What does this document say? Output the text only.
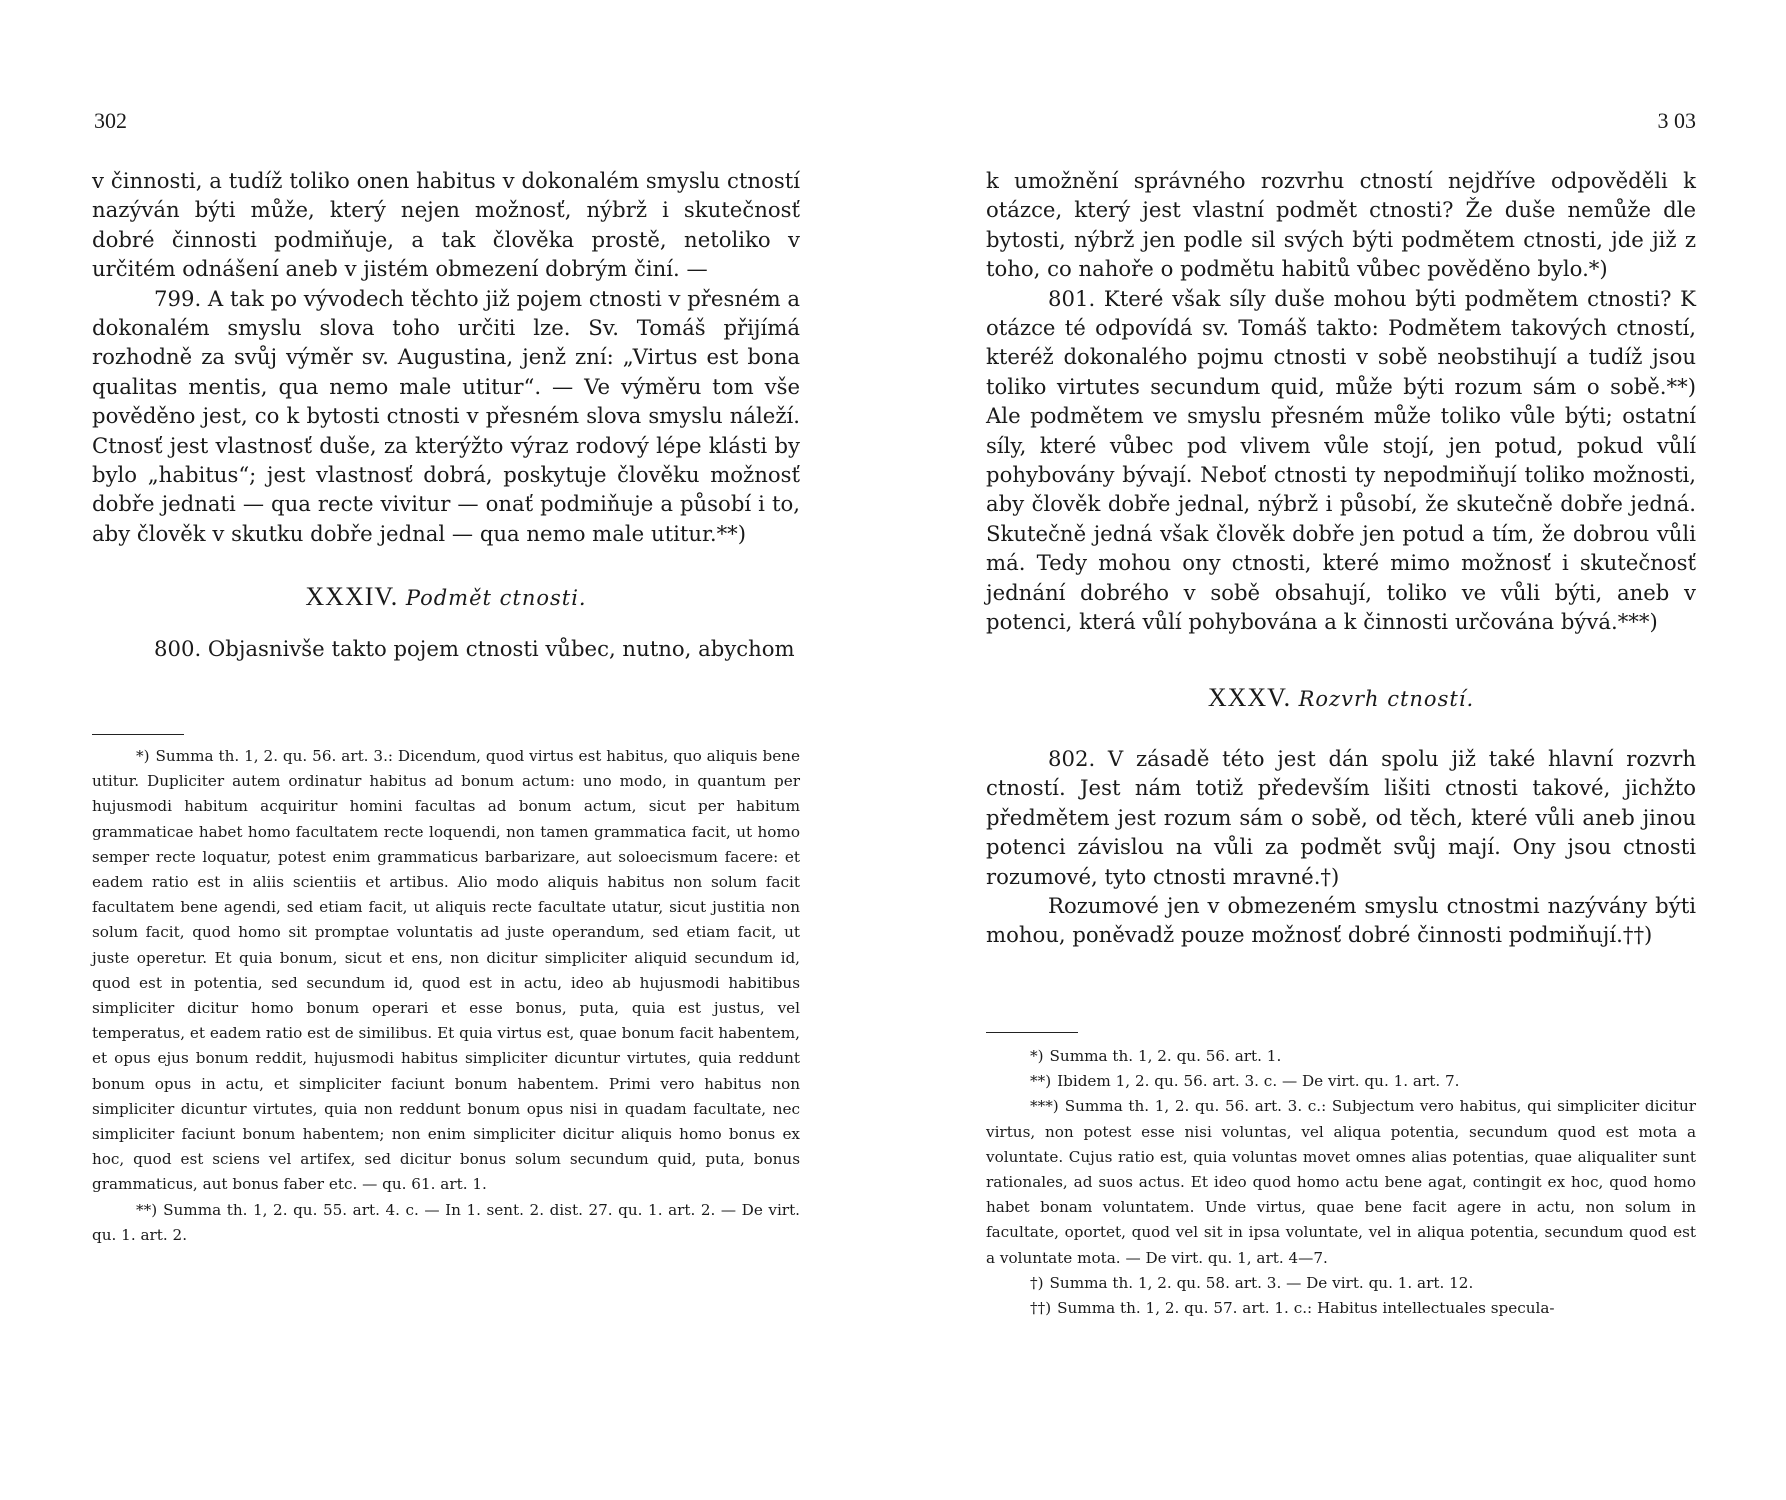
302

v činnosti, a tudíž toliko onen habitus v dokonalém smyslu ctností nazýván býti může, který nejen možnosť, nýbrž i skutečnosť dobré činnosti podmiňuje, a tak člověka prostě, netoliko v určitém odnášení aneb v jistém obmezení dobrým činí. —

799. A tak po vývodech těchto již pojem ctnosti v přesném a dokonalém smyslu slova toho určiti lze. Sv. Tomáš přijímá rozhodně za svůj výměr sv. Augustina, jenž zní: „Virtus est bona qualitas mentis, qua nemo male utitur“. — Ve výměru tom vše pověděno jest, co k bytosti ctnosti v přesném slova smyslu náleží. Ctnosť jest vlastnosť duše, za kterýžto výraz rodový lépe klásti by bylo „habitus“; jest vlastnosť dobrá, poskytuje člověku možnosť dobře jednati — qua recte vivitur — onať podmiňuje a působí i to, aby člověk v skutku dobře jednal — qua nemo male utitur.**)

XXXIV. Podmět ctnosti.

800. Objasnivše takto pojem ctnosti vůbec, nutno, abychom

*) Summa th. 1, 2. qu. 56. art. 3.: Dicendum, quod virtus est habitus, quo aliquis bene utitur. Dupliciter autem ordinatur habitus ad bonum actum: uno modo, in quantum per hujusmodi habitum acquiritur homini facultas ad bonum actum, sicut per habitum grammaticae habet homo facultatem recte loquendi, non tamen grammatica facit, ut homo semper recte loquatur, potest enim grammaticus barbarizare, aut soloecismum facere: et eadem ratio est in aliis scientiis et artibus. Alio modo aliquis habitus non solum facit facultatem bene agendi, sed etiam facit, ut aliquis recte facultate utatur, sicut justitia non solum facit, quod homo sit promptae voluntatis ad juste operandum, sed etiam facit, ut juste operetur. Et quia bonum, sicut et ens, non dicitur simpliciter aliquid secundum id, quod est in potentia, sed secundum id, quod est in actu, ideo ab hujusmodi habitibus simpliciter dicitur homo bonum operari et esse bonus, puta, quia est justus, vel temperatus, et eadem ratio est de similibus. Et quia virtus est, quae bonum facit habentem, et opus ejus bonum reddit, hujusmodi habitus simpliciter dicuntur virtutes, quia reddunt bonum opus in actu, et simpliciter faciunt bonum habentem. Primi vero habitus non simpliciter dicuntur virtutes, quia non reddunt bonum opus nisi in quadam facultate, nec simpliciter faciunt bonum habentem; non enim simpliciter dicitur aliquis homo bonus ex hoc, quod est sciens vel artifex, sed dicitur bonus solum secundum quid, puta, bonus grammaticus, aut bonus faber etc. — qu. 61. art. 1.

**) Summa th. 1, 2. qu. 55. art. 4. c. — In 1. sent. 2. dist. 27. qu. 1. art. 2. — De virt. qu. 1. art. 2.

3 03

k umožnění správného rozvrhu ctností nejdříve odpověděli k otázce, který jest vlastní podmět ctnosti? Že duše nemůže dle bytosti, nýbrž jen podle sil svých býti podmětem ctnosti, jde již z toho, co nahoře o podmětu habitů vůbec pověděno bylo.*)

801. Které však síly duše mohou býti podmětem ctnosti? K otázce té odpovídá sv. Tomáš takto: Podmětem takových ctností, kteréž dokonalého pojmu ctnosti v sobě neobstihují a tudíž jsou toliko virtutes secundum quid, může býti rozum sám o sobě.**) Ale podmětem ve smyslu přesném může toliko vůle býti; ostatní síly, které vůbec pod vlivem vůle stojí, jen potud, pokud vůlí pohybovány bývají. Neboť ctnosti ty nepodmiňují toliko možnosti, aby člověk dobře jednal, nýbrž i působí, že skutečně dobře jedná. Skutečně jedná však člověk dobře jen potud a tím, že dobrou vůli má. Tedy mohou ony ctnosti, které mimo možnosť i skutečnosť jednání dobrého v sobě obsahují, toliko ve vůli býti, aneb v potenci, která vůlí pohybována a k činnosti určována bývá.***)

XXXV. Rozvrh ctností.

802. V zásadě této jest dán spolu již také hlavní rozvrh ctností. Jest nám totiž především lišiti ctnosti takové, jichžto předmětem jest rozum sám o sobě, od těch, které vůli aneb jinou potenci závislou na vůli za podmět svůj mají. Ony jsou ctnosti rozumové, tyto ctnosti mravné.†)

Rozumové jen v obmezeném smyslu ctnostmi nazývány býti mohou, poněvadž pouze možnosť dobré činnosti podmiňují.††)

*) Summa th. 1, 2. qu. 56. art. 1.

**) Ibidem 1, 2. qu. 56. art. 3. c. — De virt. qu. 1. art. 7.

***) Summa th. 1, 2. qu. 56. art. 3. c.: Subjectum vero habitus, qui simpliciter dicitur virtus, non potest esse nisi voluntas, vel aliqua potentia, secundum quod est mota a voluntate. Cujus ratio est, quia voluntas movet omnes alias potentias, quae aliqualiter sunt rationales, ad suos actus. Et ideo quod homo actu bene agat, contingit ex hoc, quod homo habet bonam voluntatem. Unde virtus, quae bene facit agere in actu, non solum in facultate, oportet, quod vel sit in ipsa voluntate, vel in aliqua potentia, secundum quod est a voluntate mota. — De virt. qu. 1, art. 4—7.

†) Summa th. 1, 2. qu. 58. art. 3. — De virt. qu. 1. art. 12.

††) Summa th. 1, 2. qu. 57. art. 1. c.: Habitus intellectuales specula-
